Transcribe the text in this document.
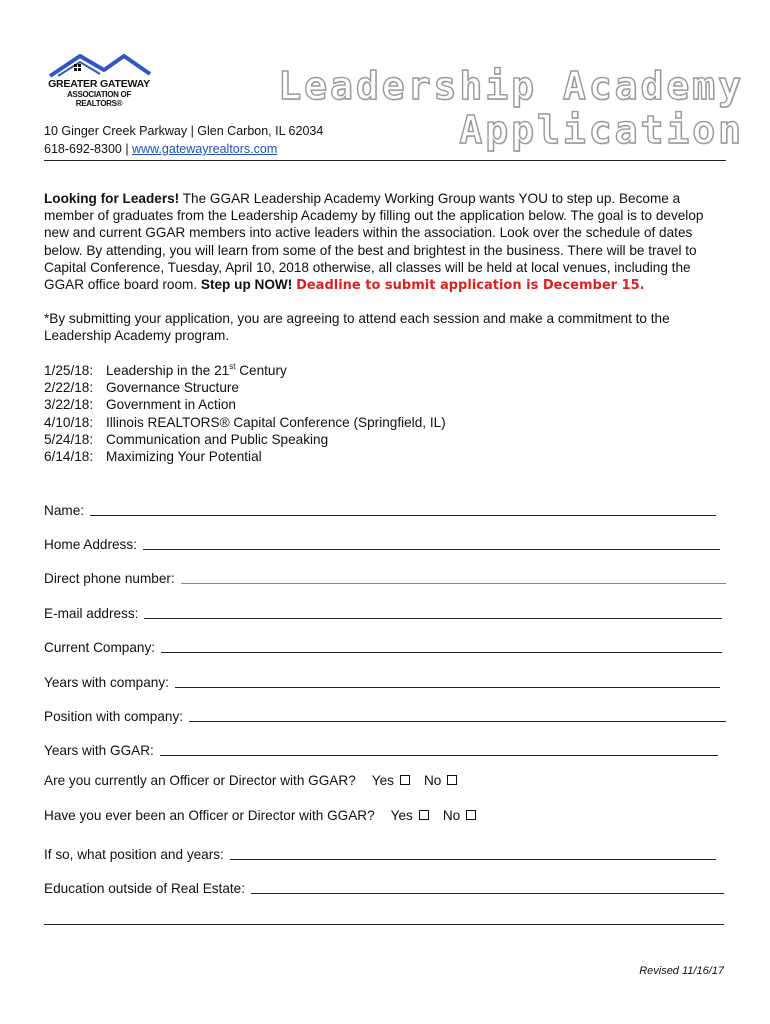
GREATER GATEWAY
ASSOCIATION OF REALTORS®	Leadership Academy
Application
10 Ginger Creek Parkway | Glen Carbon, IL 62034
618-692-8300 | www.gatewayrealtors.com
Looking for Leaders! The GGAR Leadership Academy Working Group wants YOU to step up. Become a member of graduates from the Leadership Academy by filling out the application below. The goal is to develop new and current GGAR members into active leaders within the association. Look over the schedule of dates below. By attending, you will learn from some of the best and brightest in the business. There will be travel to Capital Conference, Tuesday, April 10, 2018 otherwise, all classes will be held at local venues, including the GGAR office board room. Step up NOW! Deadline to submit application is December 15.
*By submitting your application, you are agreeing to attend each session and make a commitment to the Leadership Academy program.
1/25/18: Leadership in the 21st Century
2/22/18: Governance Structure
3/22/18: Government in Action
4/10/18: Illinois REALTORS® Capital Conference (Springfield, IL)
5/24/18: Communication and Public Speaking
6/14/18: Maximizing Your Potential
Name:
Home Address:
Direct phone number:
E-mail address:
Current Company:
Years with company:
Position with company:
Years with GGAR:
Are you currently an Officer or Director with GGAR? Yes No
Have you ever been an Officer or Director with GGAR? Yes No
If so, what position and years:
Education outside of Real Estate:
Revised 11/16/17
